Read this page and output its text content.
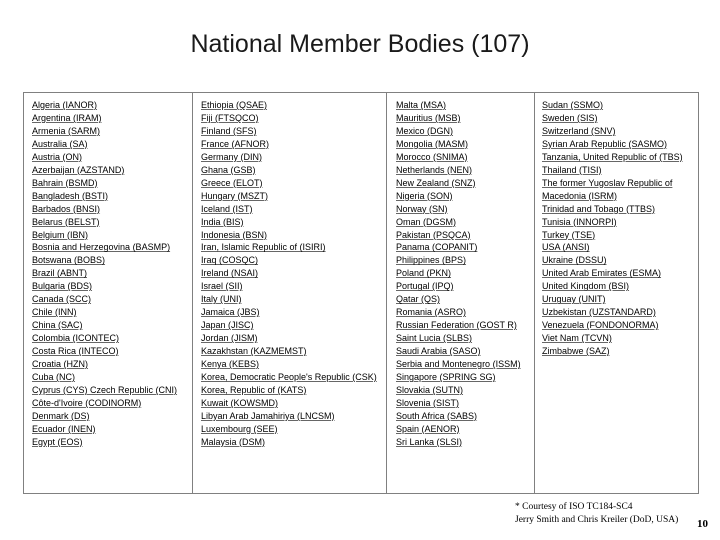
National Member Bodies (107)
Algeria (IANOR)
Argentina (IRAM)
Armenia (SARM)
Australia (SA)
Austria (ON)
Azerbaijan (AZSTAND)
Bahrain (BSMD)
Bangladesh (BSTI)
Barbados (BNSI)
Belarus (BELST)
Belgium (IBN)
Bosnia and Herzegovina (BASMP)
Botswana (BOBS)
Brazil (ABNT)
Bulgaria (BDS)
Canada (SCC)
Chile (INN)
China (SAC)
Colombia (ICONTEC)
Costa Rica (INTECO)
Croatia (HZN)
Cuba (NC)
Cyprus (CYS) Czech Republic (CNI)
Côte-d'Ivoire (CODINORM)
Denmark (DS)
Ecuador (INEN)
Egypt (EOS)
Ethiopia (QSAE)
Fiji (FTSQCO)
Finland (SFS)
France (AFNOR)
Germany (DIN)
Ghana (GSB)
Greece (ELOT)
Hungary (MSZT)
Iceland (IST)
India (BIS)
Indonesia (BSN)
Iran, Islamic Republic of (ISIRI)
Iraq (COSQC)
Ireland (NSAI)
Israel (SII)
Italy (UNI)
Jamaica (JBS)
Japan (JISC)
Jordan (JISM)
Kazakhstan (KAZMEMST)
Kenya (KEBS)
Korea, Democratic People's Republic (CSK)
Korea, Republic of (KATS)
Kuwait (KOWSMD)
Libyan Arab Jamahiriya (LNCSM)
Luxembourg (SEE)
Malaysia (DSM)
Malta (MSA)
Mauritius (MSB)
Mexico (DGN)
Mongolia (MASM)
Morocco (SNIMA)
Netherlands (NEN)
New Zealand (SNZ)
Nigeria (SON)
Norway (SN)
Oman (DGSM)
Pakistan (PSQCA)
Panama (COPANIT)
Philippines (BPS)
Poland (PKN)
Portugal (IPQ)
Qatar (QS)
Romania (ASRO)
Russian Federation (GOST R)
Saint Lucia (SLBS)
Saudi Arabia (SASO)
Serbia and Montenegro (ISSM)
Singapore (SPRING SG)
Slovakia (SUTN)
Slovenia (SIST)
South Africa (SABS)
Spain (AENOR)
Sri Lanka (SLSI)
Sudan (SSMO)
Sweden (SIS)
Switzerland (SNV)
Syrian Arab Republic (SASMO)
Tanzania, United Republic of (TBS)
Thailand (TISI)
The former Yugoslav Republic of
Macedonia (ISRM)
Trinidad and Tobago (TTBS)
Tunisia (INNORPI)
Turkey (TSE)
USA (ANSI)
Ukraine (DSSU)
United Arab Emirates (ESMA)
United Kingdom (BSI)
Uruguay (UNIT)
Uzbekistan (UZSTANDARD)
Venezuela (FONDONORMA)
Viet Nam (TCVN)
Zimbabwe (SAZ)
* Courtesy of ISO TC184-SC4
Jerry Smith and Chris Kreiler (DoD, USA) 10
